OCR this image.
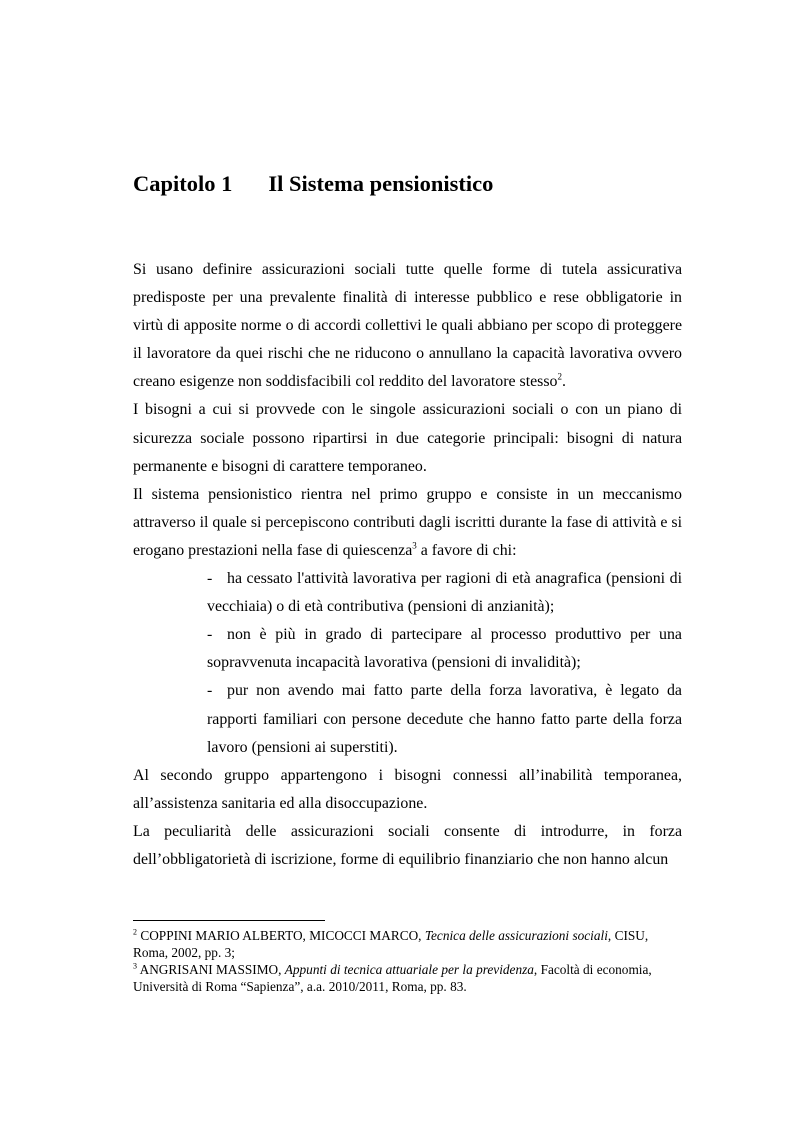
Capitolo 1 Il Sistema pensionistico

Si usano definire assicurazioni sociali tutte quelle forme di tutela assicurativa predisposte per una prevalente finalità di interesse pubblico e rese obbligatorie in virtù di apposite norme o di accordi collettivi le quali abbiano per scopo di proteggere il lavoratore da quei rischi che ne riducono o annullano la capacità lavorativa ovvero creano esigenze non soddisfacibili col reddito del lavoratore stesso$^2$.

I bisogni a cui si provvede con le singole assicurazioni sociali o con un piano di sicurezza sociale possono ripartirsi in due categorie principali: bisogni di natura permanente e bisogni di carattere temporaneo.

Il sistema pensionistico rientra nel primo gruppo e consiste in un meccanismo attraverso il quale si percepiscono contributi dagli iscritti durante la fase di attività e si erogano prestazioni nella fase di quiescenza$^3$ a favore di chi:

- ha cessato l'attività lavorativa per ragioni di età anagrafica (pensioni di vecchiaia) o di età contributiva (pensioni di anzianità);
- non è più in grado di partecipare al processo produttivo per una sopravvenuta incapacità lavorativa (pensioni di invalidità);
- pur non avendo mai fatto parte della forza lavorativa, è legato da rapporti familiari con persone decedute che hanno fatto parte della forza lavoro (pensioni ai superstiti).

Al secondo gruppo appartengono i bisogni connessi all’inabilità temporanea, all’assistenza sanitaria ed alla disoccupazione.

La peculiarità delle assicurazioni sociali consente di introdurre, in forza dell’obbligatorietà di iscrizione, forme di equilibrio finanziario che non hanno alcun

$^2$ COPPINI MARIO ALBERTO, MICOCCI MARCO, Tecnica delle assicurazioni sociali, CISU, Roma, 2002, pp. 3;

$^3$ ANGRISANI MASSIMO, Appunti di tecnica attuariale per la previdenza, Facoltà di economia, Università di Roma “Sapienza”, a.a. 2010/2011, Roma, pp. 83.
